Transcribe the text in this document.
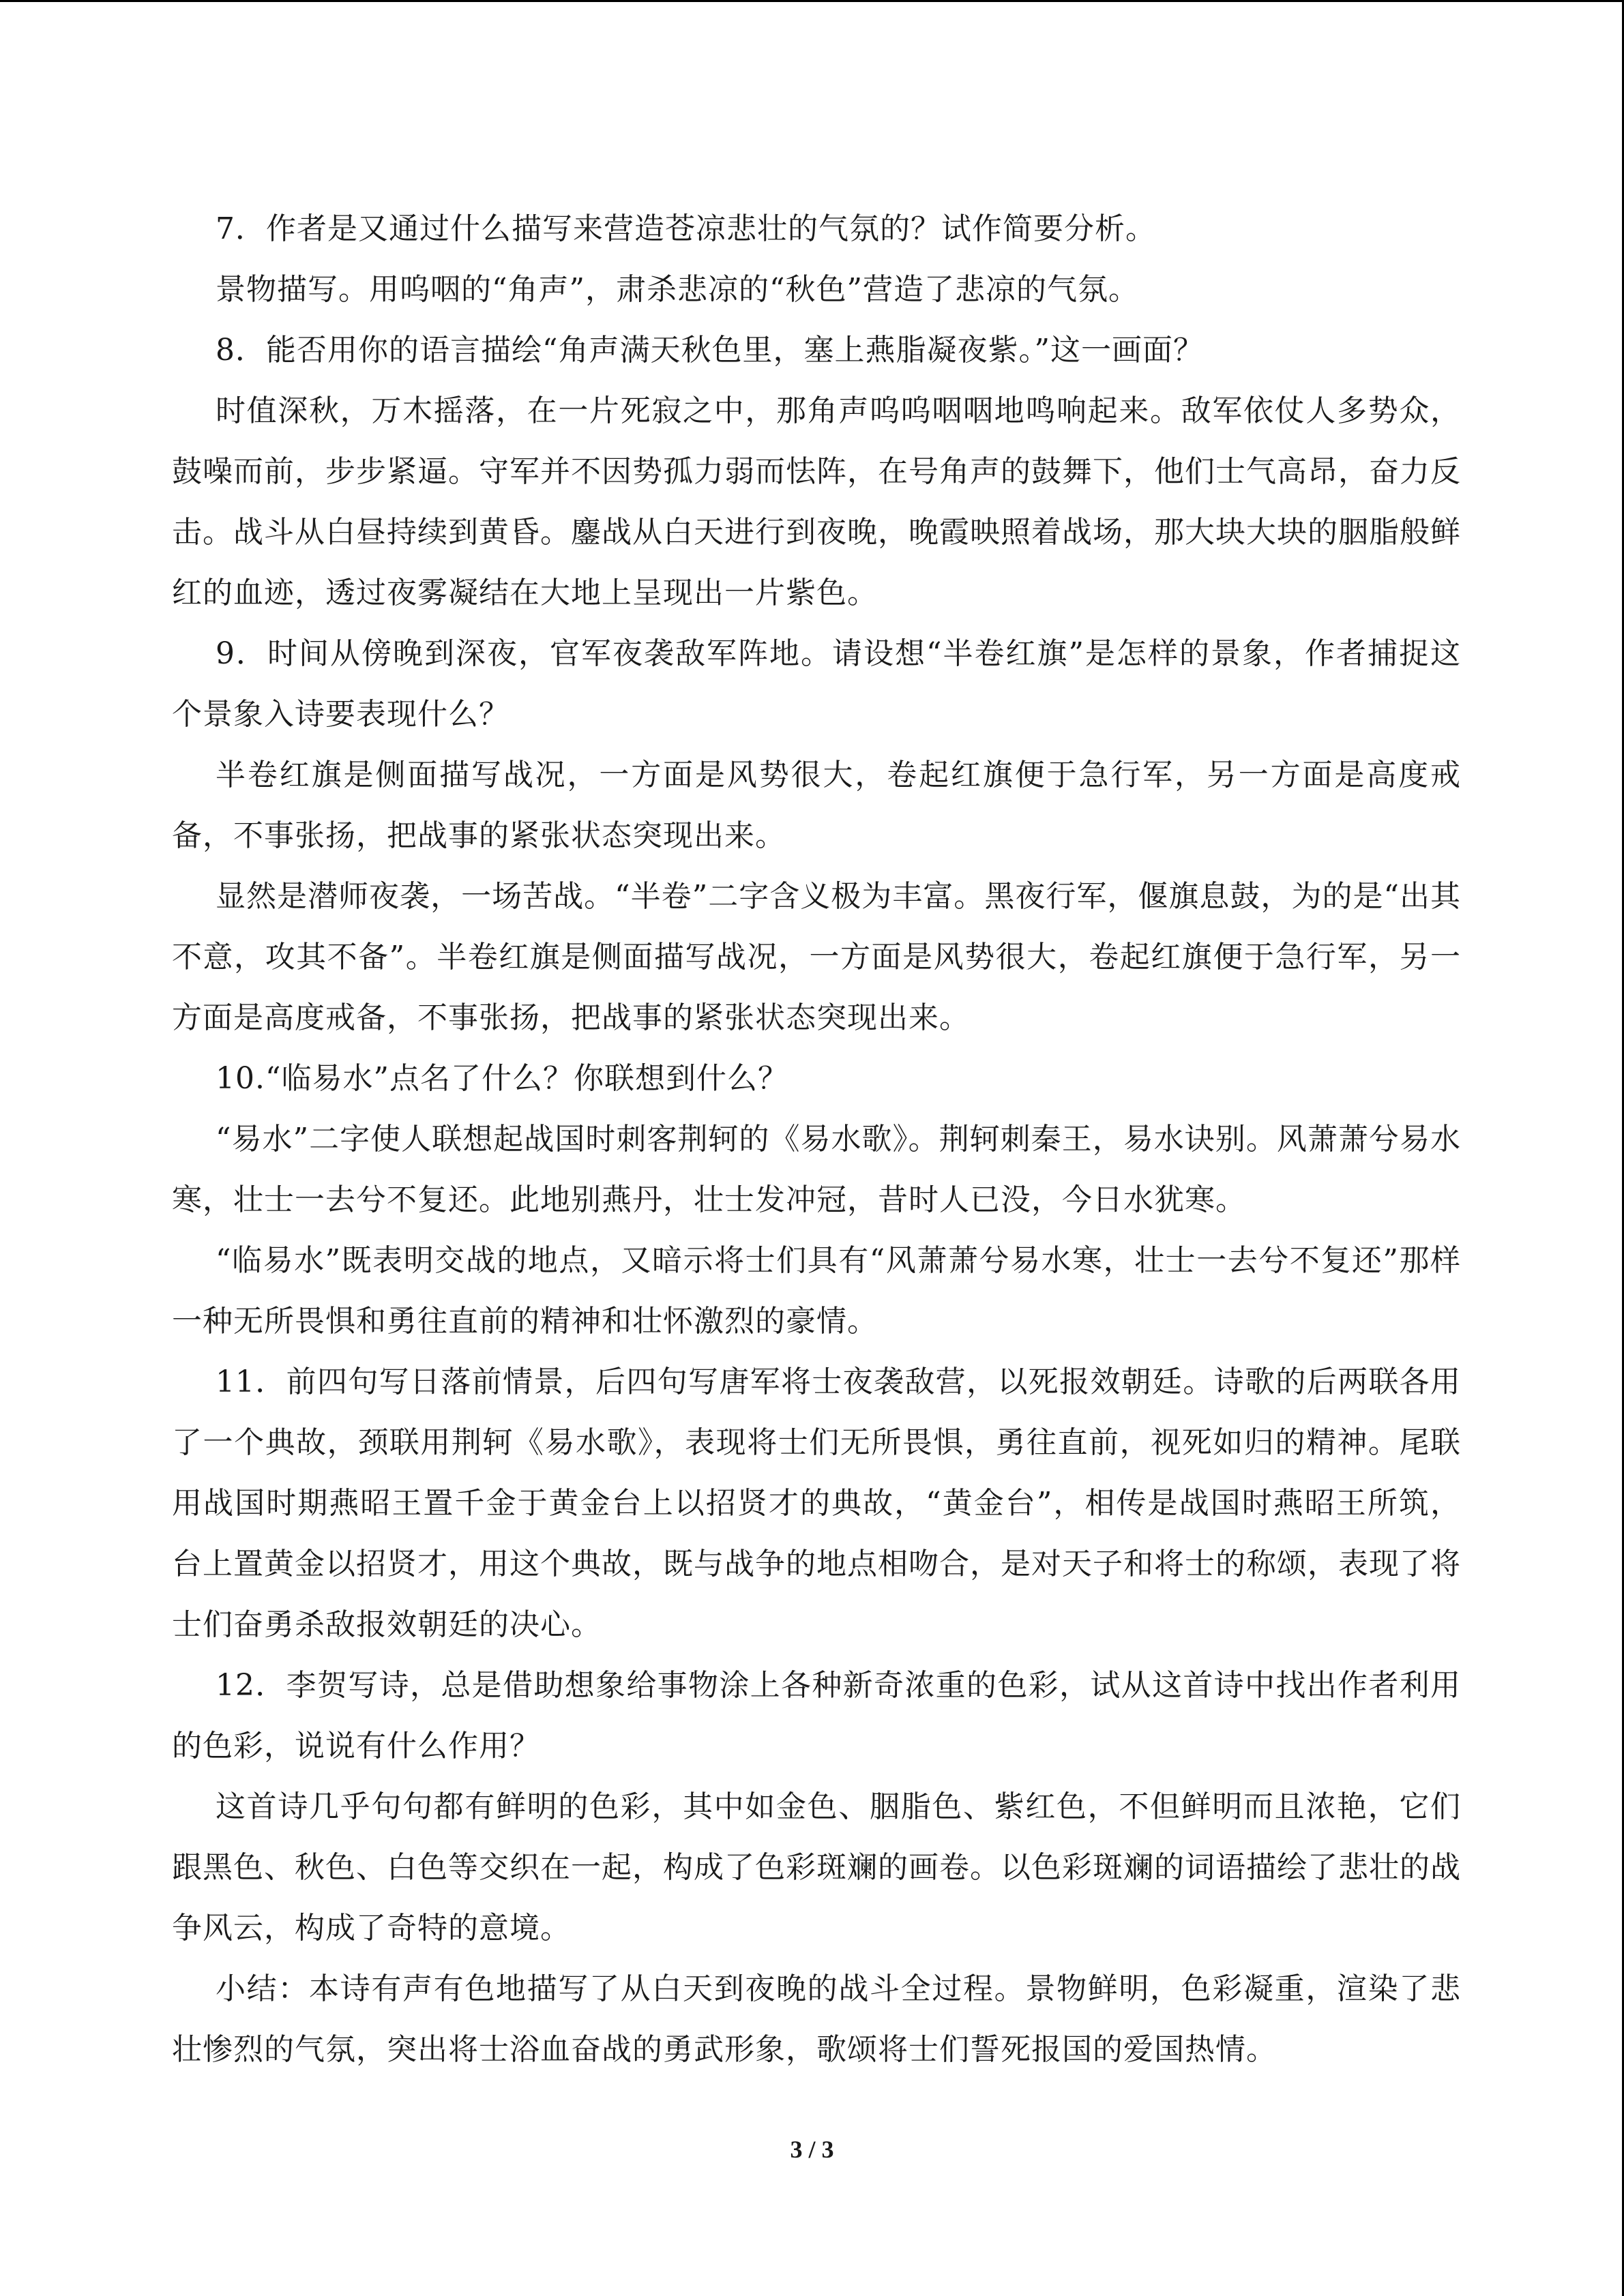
7．作者是又通过什么描写来营造苍凉悲壮的气氛的？试作简要分析。

景物描写。用呜咽的“角声”，肃杀悲凉的“秋色”营造了悲凉的气氛。

8．能否用你的语言描绘“角声满天秋色里，塞上燕脂凝夜紫。”这一画面？

时值深秋，万木摇落，在一片死寂之中，那角声呜呜咽咽地鸣响起来。敌军依仗人多势众，鼓噪而前，步步紧逼。守军并不因势孤力弱而怯阵，在号角声的鼓舞下，他们士气高昂，奋力反击。战斗从白昼持续到黄昏。鏖战从白天进行到夜晚，晚霞映照着战场，那大块大块的胭脂般鲜红的血迹，透过夜雾凝结在大地上呈现出一片紫色。

9．时间从傍晚到深夜，官军夜袭敌军阵地。请设想“半卷红旗”是怎样的景象，作者捕捉这个景象入诗要表现什么？

半卷红旗是侧面描写战况，一方面是风势很大，卷起红旗便于急行军，另一方面是高度戒备，不事张扬，把战事的紧张状态突现出来。

显然是潜师夜袭，一场苦战。“半卷”二字含义极为丰富。黑夜行军，偃旗息鼓，为的是“出其不意，攻其不备”。半卷红旗是侧面描写战况，一方面是风势很大，卷起红旗便于急行军，另一方面是高度戒备，不事张扬，把战事的紧张状态突现出来。

10.“临易水”点名了什么？你联想到什么？

“易水”二字使人联想起战国时刺客荆轲的《易水歌》。荆轲刺秦王，易水诀别。风萧萧兮易水寒，壮士一去兮不复还。此地别燕丹，壮士发冲冠，昔时人已没，今日水犹寒。

“临易水”既表明交战的地点，又暗示将士们具有“风萧萧兮易水寒，壮士一去兮不复还”那样一种无所畏惧和勇往直前的精神和壮怀激烈的豪情。

11．前四句写日落前情景，后四句写唐军将士夜袭敌营，以死报效朝廷。诗歌的后两联各用了一个典故，颈联用荆轲《易水歌》，表现将士们无所畏惧，勇往直前，视死如归的精神。尾联用战国时期燕昭王置千金于黄金台上以招贤才的典故，“黄金台”，相传是战国时燕昭王所筑，台上置黄金以招贤才，用这个典故，既与战争的地点相吻合，是对天子和将士的称颂，表现了将士们奋勇杀敌报效朝廷的决心。

12．李贺写诗，总是借助想象给事物涂上各种新奇浓重的色彩，试从这首诗中找出作者利用的色彩，说说有什么作用？

这首诗几乎句句都有鲜明的色彩，其中如金色、胭脂色、紫红色，不但鲜明而且浓艳，它们跟黑色、秋色、白色等交织在一起，构成了色彩斑斓的画卷。以色彩斑斓的词语描绘了悲壮的战争风云，构成了奇特的意境。

小结：本诗有声有色地描写了从白天到夜晚的战斗全过程。景物鲜明，色彩凝重，渲染了悲壮惨烈的气氛，突出将士浴血奋战的勇武形象，歌颂将士们誓死报国的爱国热情。

3 / 3
